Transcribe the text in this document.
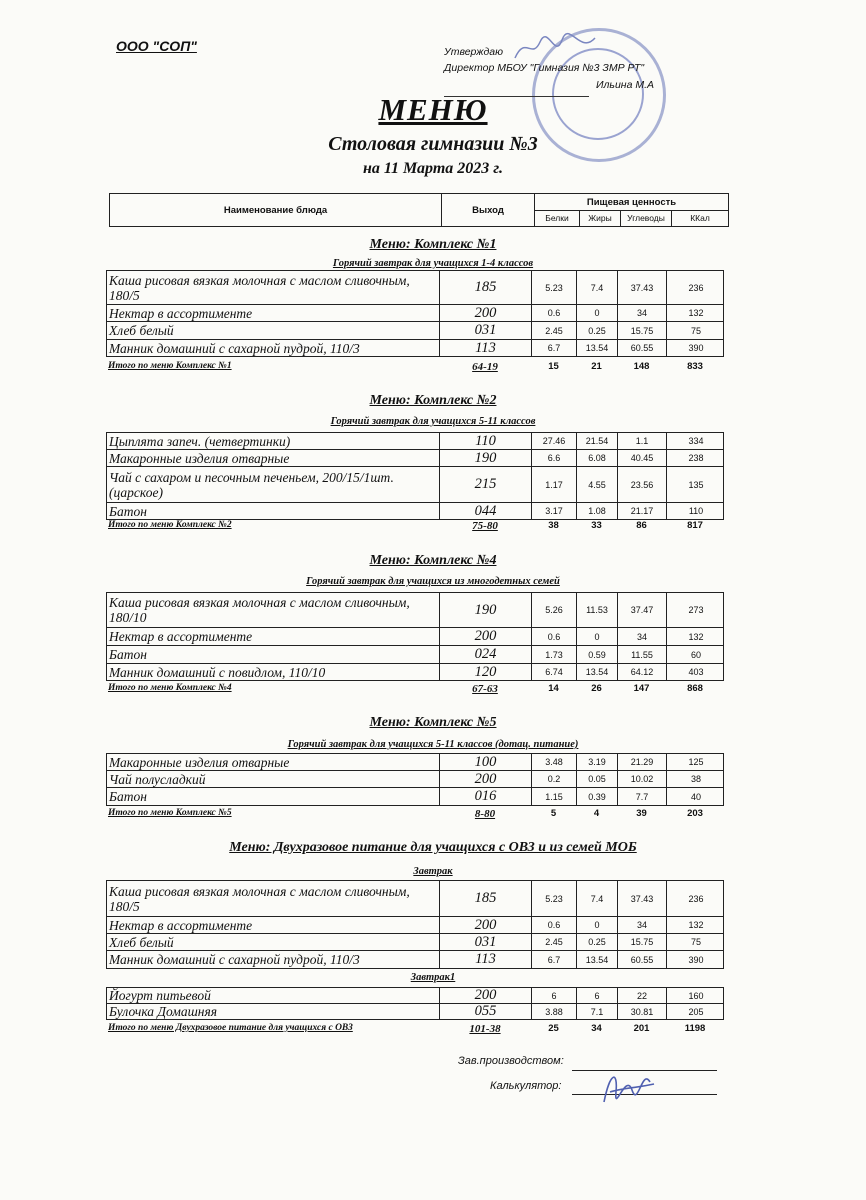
ООО "СОП"	Утверждаю
Директор МБОУ "Гимназия №3 ЗМР РТ"
Ильина М.А
МЕНЮ
Столовая гимназии №3
на 11 Марта 2023 г.
Наименование блюда	Выход
Пищевая ценность
Белки	Жиры	Углеводы	ККал
Меню: Комплекс №1
Горячий завтрак для учащихся 1-4 классов
Каша рисовая вязкая молочная с маслом сливочным, 180/5	185	5.23	7.4	37.43	236
Нектар в ассортименте	200	0.6	0	34	132
Хлеб белый	031	2.45	0.25	15.75	75
Манник домашний с сахарной пудрой, 110/3	113	6.7	13.54	60.55	390
Итого по меню Комплекс №1	64-19	15	21	148	833
Меню: Комплекс №2
Горячий завтрак для учащихся 5-11 классов
Цыплята запеч. (четвертинки)	110	27.46	21.54	1.1	334
Макаронные изделия отварные	190	6.6	6.08	40.45	238
Чай с сахаром и песочным печеньем, 200/15/1шт. (царское)	215	1.17	4.55	23.56	135
Батон	044	3.17	1.08	21.17	110
Итого по меню Комплекс №2	75-80	38	33	86	817
Меню: Комплекс №4
Горячий завтрак для учащихся из многодетных семей
Каша рисовая вязкая молочная с маслом сливочным, 180/10	190	5.26	11.53	37.47	273
Нектар в ассортименте	200	0.6	0	34	132
Батон	024	1.73	0.59	11.55	60
Манник домашний с повидлом, 110/10	120	6.74	13.54	64.12	403
Итого по меню Комплекс №4	67-63	14	26	147	868
Меню: Комплекс №5
Горячий завтрак для учащихся 5-11 классов (дотац. питание)
Макаронные изделия отварные	100	3.48	3.19	21.29	125
Чай полусладкий	200	0.2	0.05	10.02	38
Батон	016	1.15	0.39	7.7	40
Итого по меню Комплекс №5	8-80	5	4	39	203
Меню: Двухразовое питание для учащихся с ОВЗ и из семей МОБ
Завтрак
Каша рисовая вязкая молочная с маслом сливочным, 180/5	185	5.23	7.4	37.43	236
Нектар в ассортименте	200	0.6	0	34	132
Хлеб белый	031	2.45	0.25	15.75	75
Манник домашний с сахарной пудрой, 110/3	113	6.7	13.54	60.55	390
Завтрак1
Йогурт питьевой	200	6	6	22	160
Булочка Домашняя	055	3.88	7.1	30.81	205
Итого по меню Двухразовое питание для учащихся с ОВЗ	101-38	25	34	201	1198
Зав.производством:
Калькулятор:
